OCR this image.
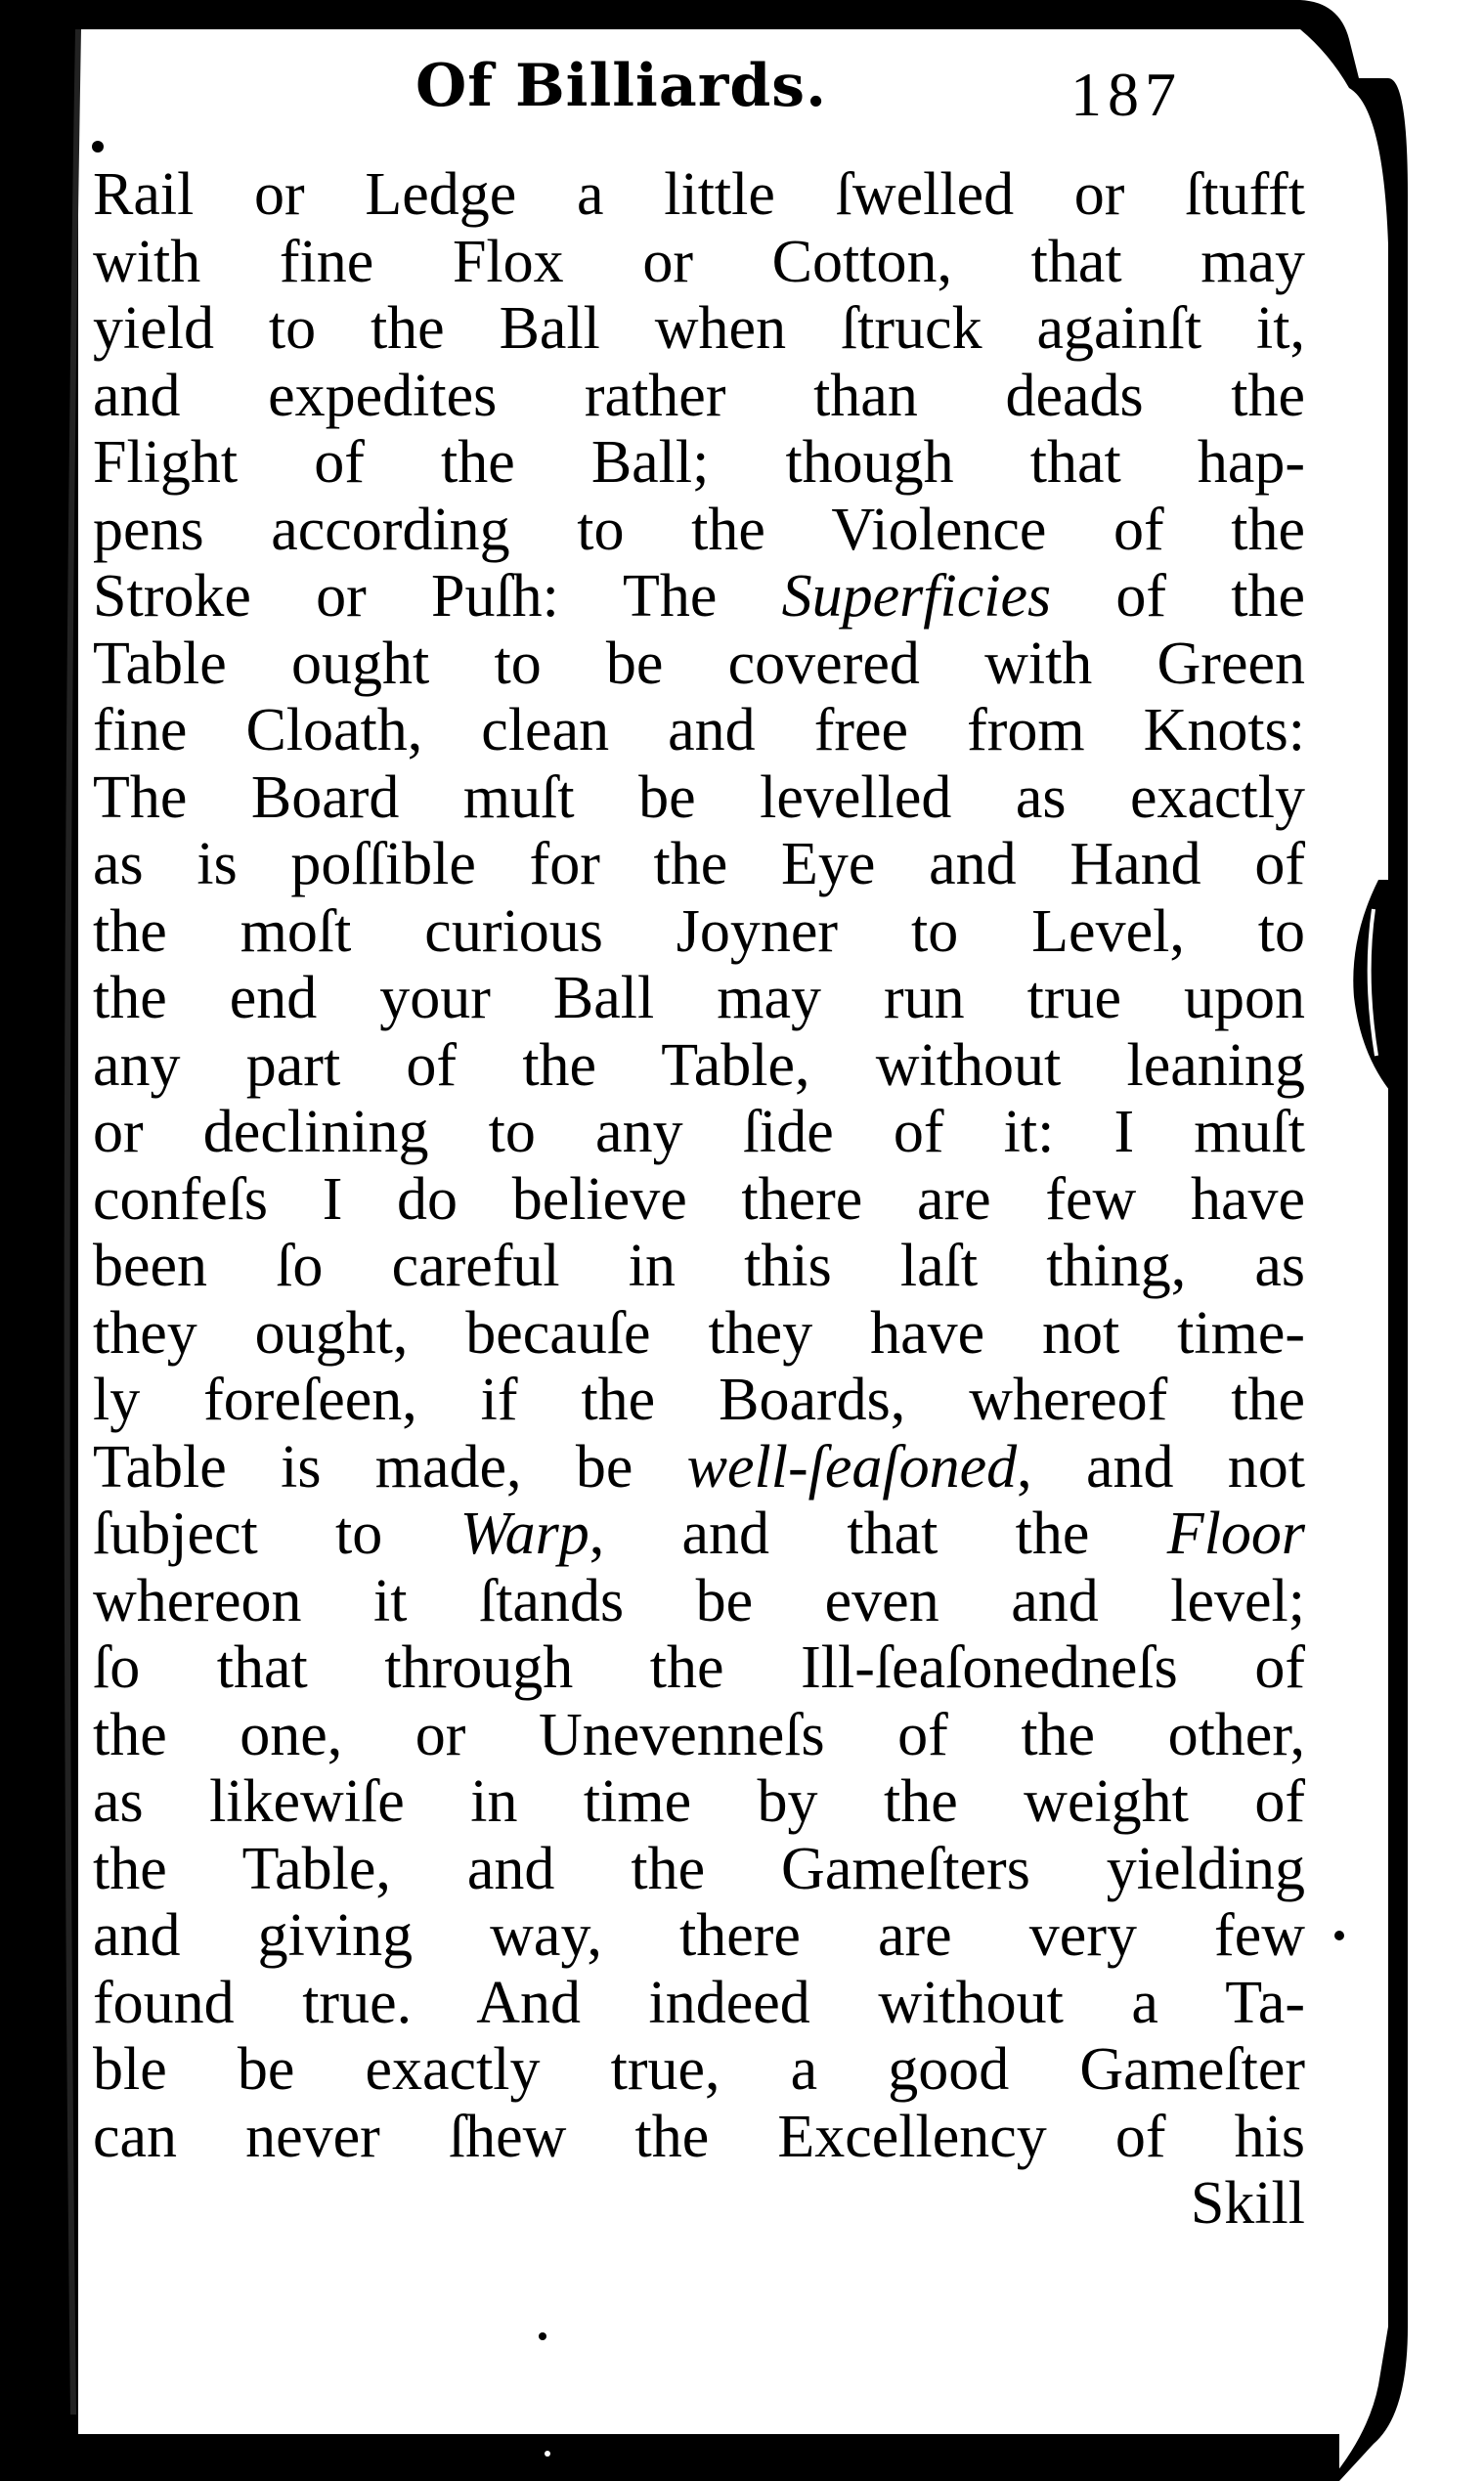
Of Billiards.	187
Rail or Ledge a little ſwelled or ſtufft
with fine Flox or Cotton, that may
yield to the Ball when ſtruck againſt it,
and expedites rather than deads the
Flight of the Ball; though that hap-
pens according to the Violence of the
Stroke or Puſh: The Superficies of the
Table ought to be covered with Green
fine Cloath, clean and free from Knots:
The Board muſt be levelled as exactly
as is poſſible for the Eye and Hand of
the moſt curious Joyner to Level, to
the end your Ball may run true upon
any part of the Table, without leaning
or declining to any ſide of it: I muſt
confeſs I do believe there are few have
been ſo careful in this laſt thing, as
they ought, becauſe they have not time-
ly foreſeen, if the Boards, whereof the
Table is made, be well-ſeaſoned, and not
ſubject to Warp, and that the Floor
whereon it ſtands be even and level;
ſo that through the Ill-ſeaſonedneſs of
the one, or Unevenneſs of the other,
as likewiſe in time by the weight of
the Table, and the Gameſters yielding
and giving way, there are very few
found true. And indeed without a Ta-
ble be exactly true, a good Gameſter
can never ſhew the Excellency of his
Skill
